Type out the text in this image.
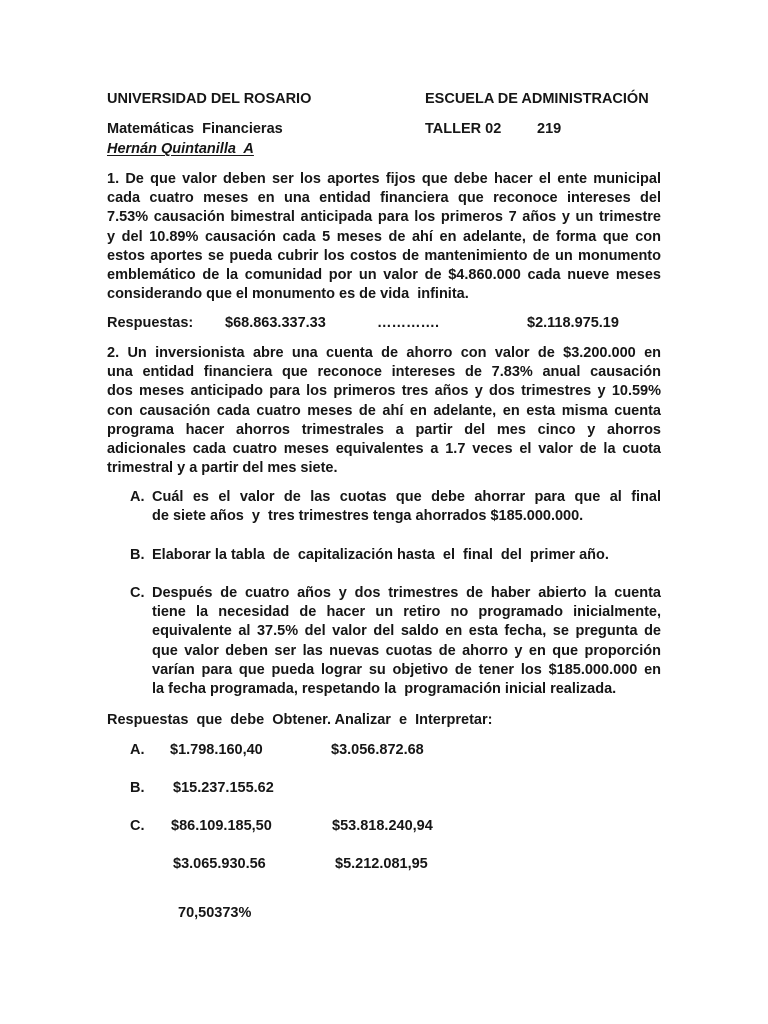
UNIVERSIDAD DEL ROSARIO	ESCUELA DE ADMINISTRACIÓN
Matemáticas  Financieras	TALLER 02 219
Hernán Quintanilla  A
1. De que valor deben ser los aportes fijos que debe hacer el ente municipal
cada cuatro meses en una entidad financiera que reconoce intereses del
7.53% causación bimestral anticipada para los primeros 7 años y un trimestre
y del 10.89% causación cada 5 meses de ahí en adelante, de forma que con
estos aportes se pueda cubrir los costos de mantenimiento de un monumento
emblemático de la comunidad por un valor de $4.860.000 cada nueve meses
considerando que el monumento es de vida  infinita.
Respuestas: $68.863.337.33	………….	$2.118.975.19
2. Un inversionista abre una cuenta de ahorro con valor de $3.200.000 en
una entidad financiera que reconoce intereses de 7.83% anual causación
dos meses anticipado para los primeros tres años y dos trimestres y 10.59%
con causación cada cuatro meses de ahí en adelante, en esta misma cuenta
programa hacer ahorros trimestrales a partir del mes cinco y ahorros
adicionales cada cuatro meses equivalentes a 1.7 veces el valor de la cuota
trimestral y a partir del mes siete.
A. Cuál es el valor de las cuotas que debe ahorrar para que al final
de siete años  y  tres trimestres tenga ahorrados $185.000.000.
B. Elaborar la tabla  de  capitalización hasta  el  final  del  primer año.
C. Después de cuatro años y dos trimestres de haber abierto la cuenta
tiene la necesidad de hacer un retiro no programado inicialmente,
equivalente al 37.5% del valor del saldo en esta fecha, se pregunta de
que valor deben ser las nuevas cuotas de ahorro y en que proporción
varían para que pueda lograr su objetivo de tener los $185.000.000 en
la fecha programada, respetando la  programación inicial realizada.
Respuestas  que  debe  Obtener. Analizar  e  Interpretar:
A. $1.798.160,40	$3.056.872.68
B. $15.237.155.62
C. $86.109.185,50	$53.818.240,94
$3.065.930.56	$5.212.081,95
70,50373%
